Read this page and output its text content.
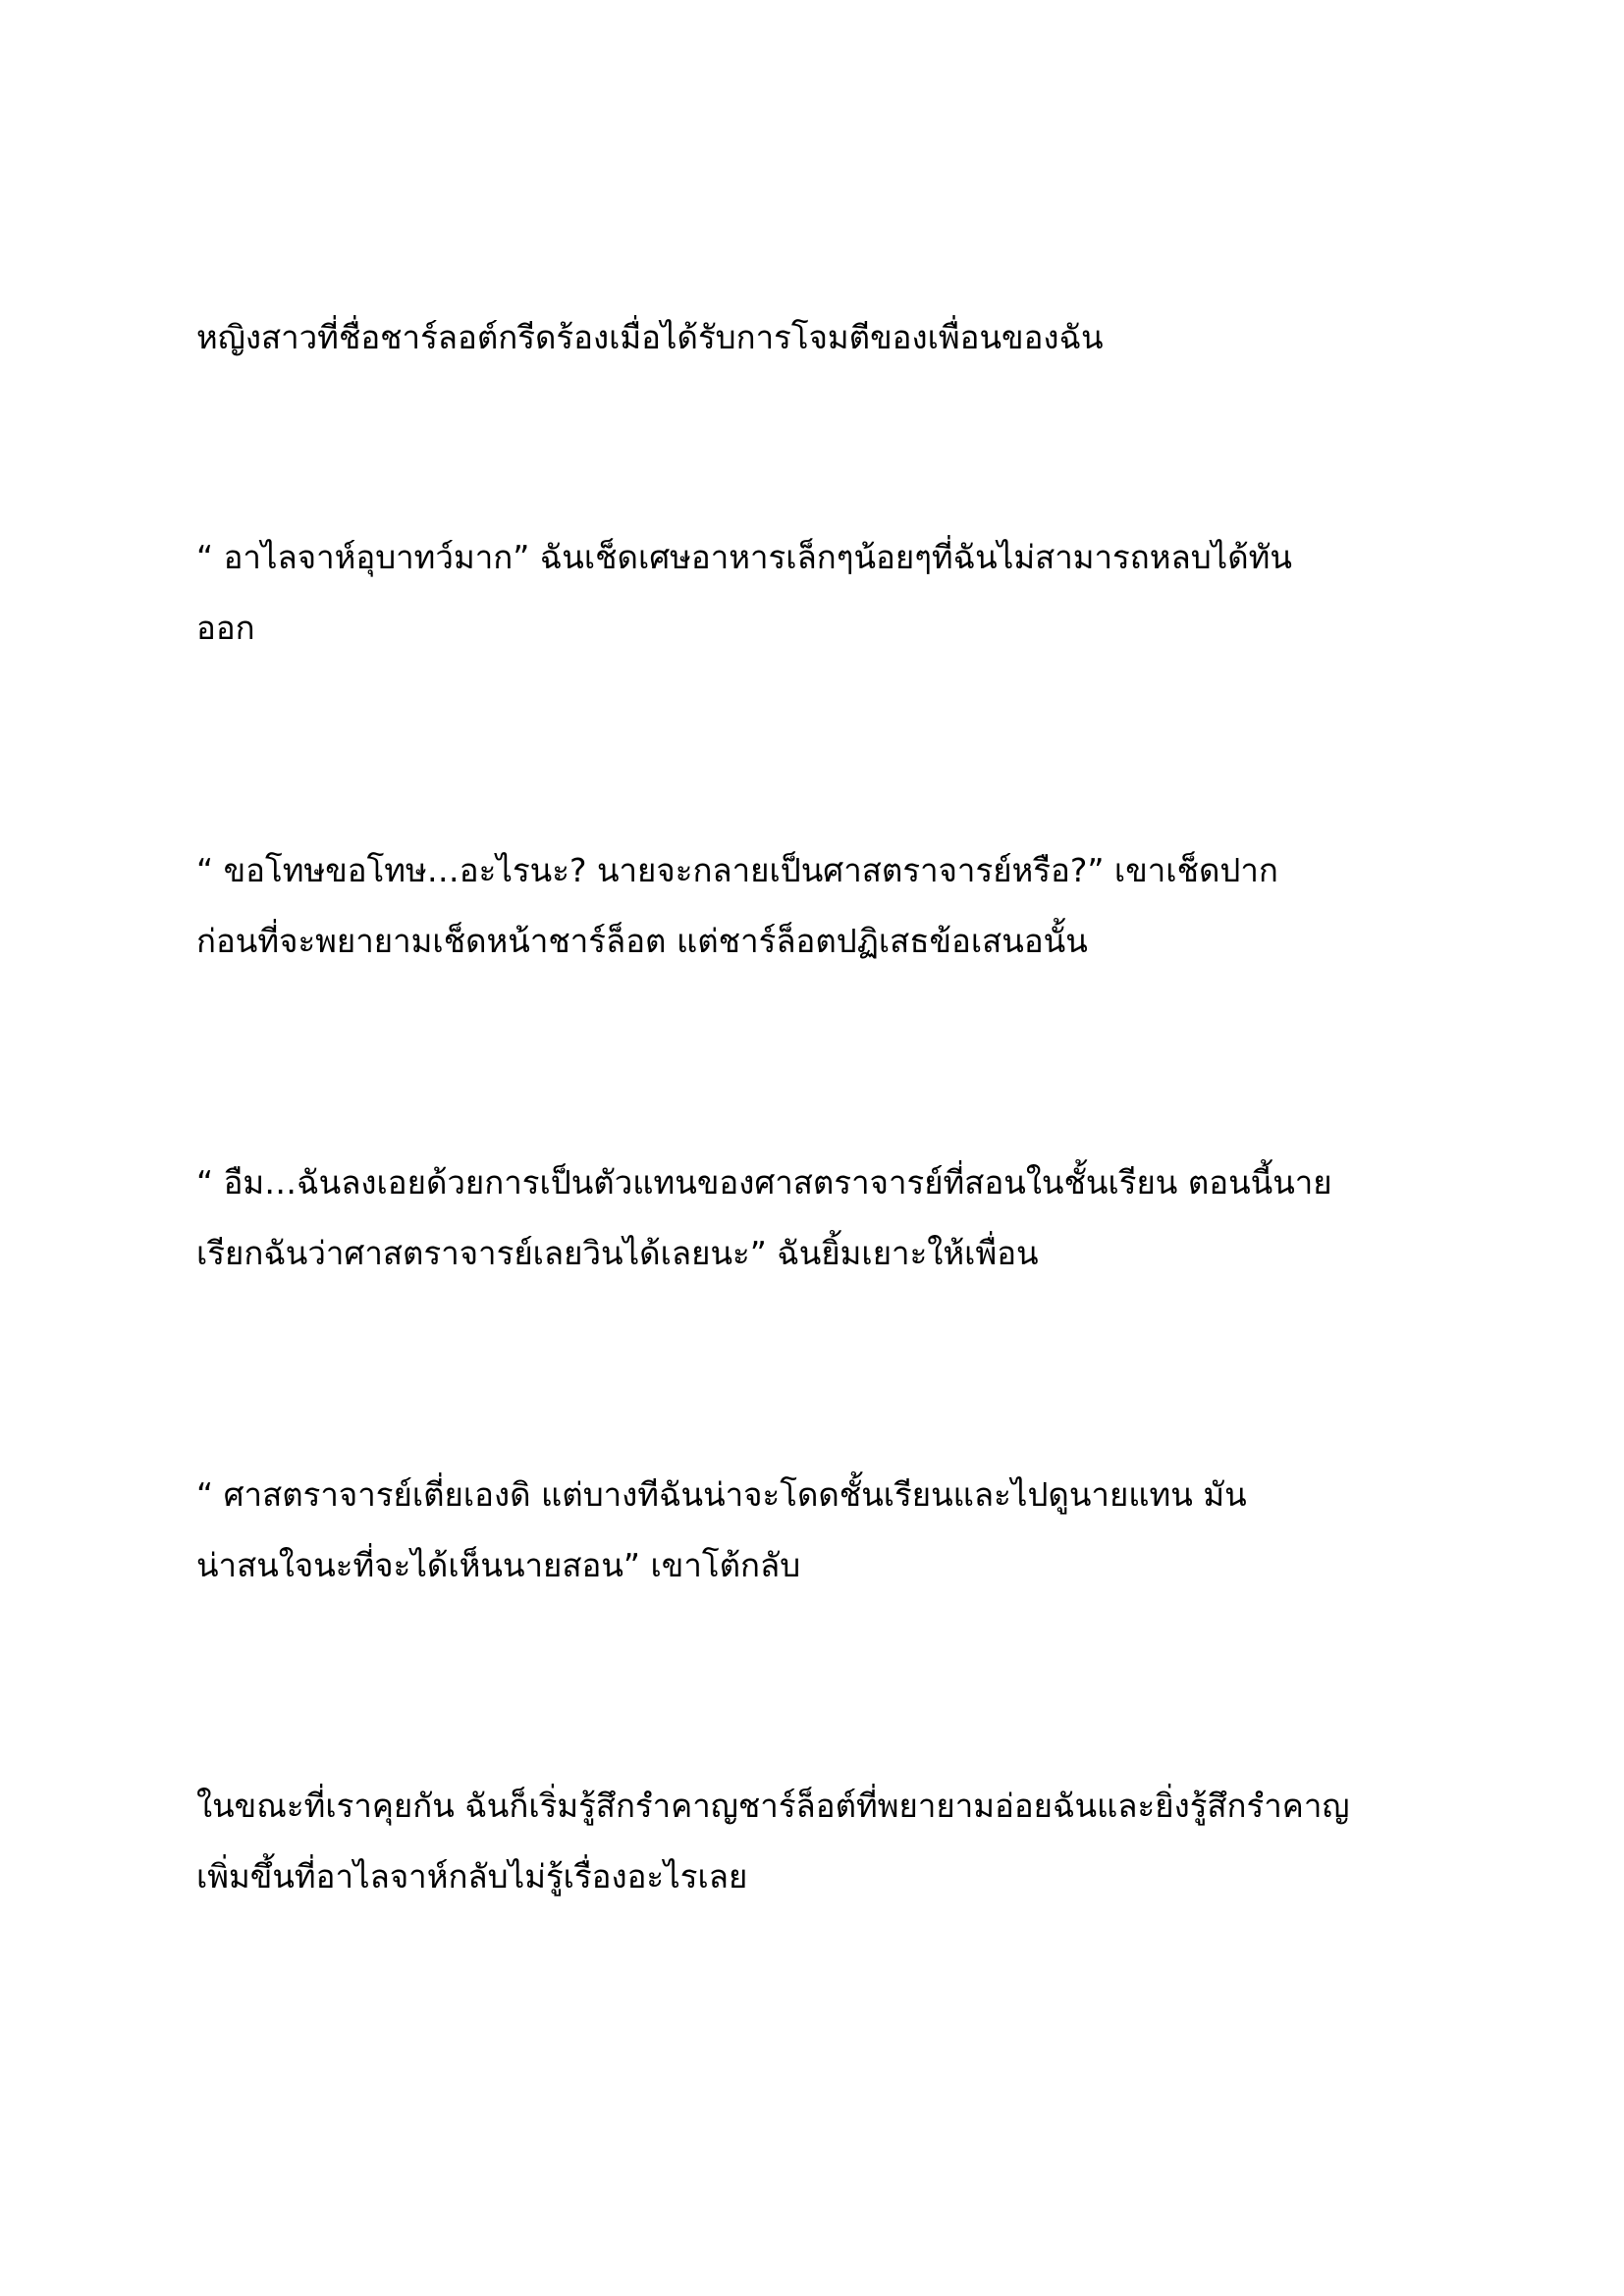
หญิงสาวที่ชื่อชาร์ลอต์กรีดร้องเมื่อได้รับการโจมตีของเพื่อนของฉัน

“ อาไลจาห์อุบาทว์มาก” ฉันเช็ดเศษอาหารเล็กๆน้อยๆที่ฉันไม่สามารถหลบได้ทัน
ออก

“ ขอโทษขอโทษ…อะไรนะ? นายจะกลายเป็นศาสตราจารย์หรือ?” เขาเช็ดปาก
ก่อนที่จะพยายามเช็ดหน้าชาร์ล็อต แต่ชาร์ล็อตปฏิเสธข้อเสนอนั้น

“ อืม…ฉันลงเอยด้วยการเป็นตัวแทนของศาสตราจารย์ที่สอนในชั้นเรียน ตอนนี้นาย
เรียกฉันว่าศาสตราจารย์เลยวินได้เลยนะ” ฉันยิ้มเยาะให้เพื่อน

“ ศาสตราจารย์เตี่ยเองดิ แต่บางทีฉันน่าจะโดดชั้นเรียนและไปดูนายแทน มัน
น่าสนใจนะที่จะได้เห็นนายสอน” เขาโต้กลับ

ในขณะที่เราคุยกัน ฉันก็เริ่มรู้สึกรำคาญชาร์ล็อต์ที่พยายามอ่อยฉันและยิ่งรู้สึกรำคาญ
เพิ่มขึ้นที่อาไลจาห์กลับไม่รู้เรื่องอะไรเลย
